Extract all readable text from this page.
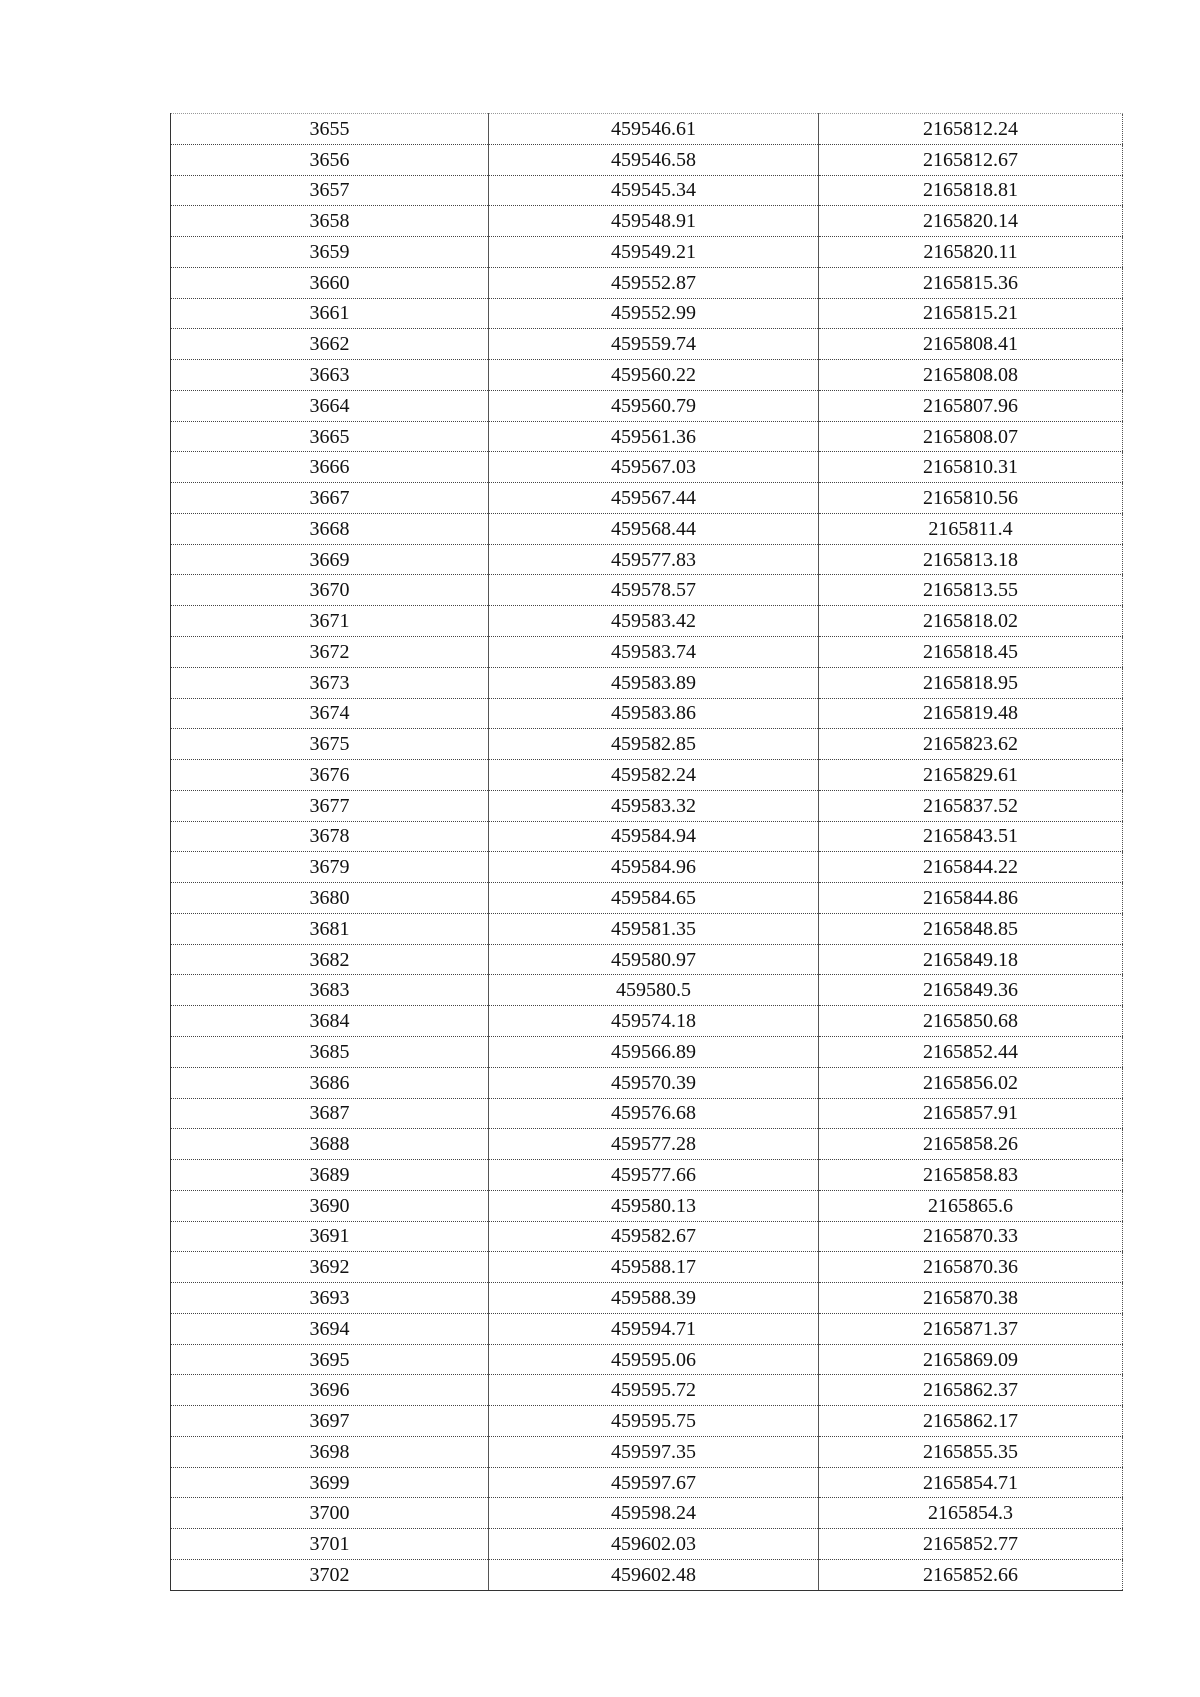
3655	459546.61	2165812.24
3656	459546.58	2165812.67
3657	459545.34	2165818.81
3658	459548.91	2165820.14
3659	459549.21	2165820.11
3660	459552.87	2165815.36
3661	459552.99	2165815.21
3662	459559.74	2165808.41
3663	459560.22	2165808.08
3664	459560.79	2165807.96
3665	459561.36	2165808.07
3666	459567.03	2165810.31
3667	459567.44	2165810.56
3668	459568.44	2165811.4
3669	459577.83	2165813.18
3670	459578.57	2165813.55
3671	459583.42	2165818.02
3672	459583.74	2165818.45
3673	459583.89	2165818.95
3674	459583.86	2165819.48
3675	459582.85	2165823.62
3676	459582.24	2165829.61
3677	459583.32	2165837.52
3678	459584.94	2165843.51
3679	459584.96	2165844.22
3680	459584.65	2165844.86
3681	459581.35	2165848.85
3682	459580.97	2165849.18
3683	459580.5	2165849.36
3684	459574.18	2165850.68
3685	459566.89	2165852.44
3686	459570.39	2165856.02
3687	459576.68	2165857.91
3688	459577.28	2165858.26
3689	459577.66	2165858.83
3690	459580.13	2165865.6
3691	459582.67	2165870.33
3692	459588.17	2165870.36
3693	459588.39	2165870.38
3694	459594.71	2165871.37
3695	459595.06	2165869.09
3696	459595.72	2165862.37
3697	459595.75	2165862.17
3698	459597.35	2165855.35
3699	459597.67	2165854.71
3700	459598.24	2165854.3
3701	459602.03	2165852.77
3702	459602.48	2165852.66
